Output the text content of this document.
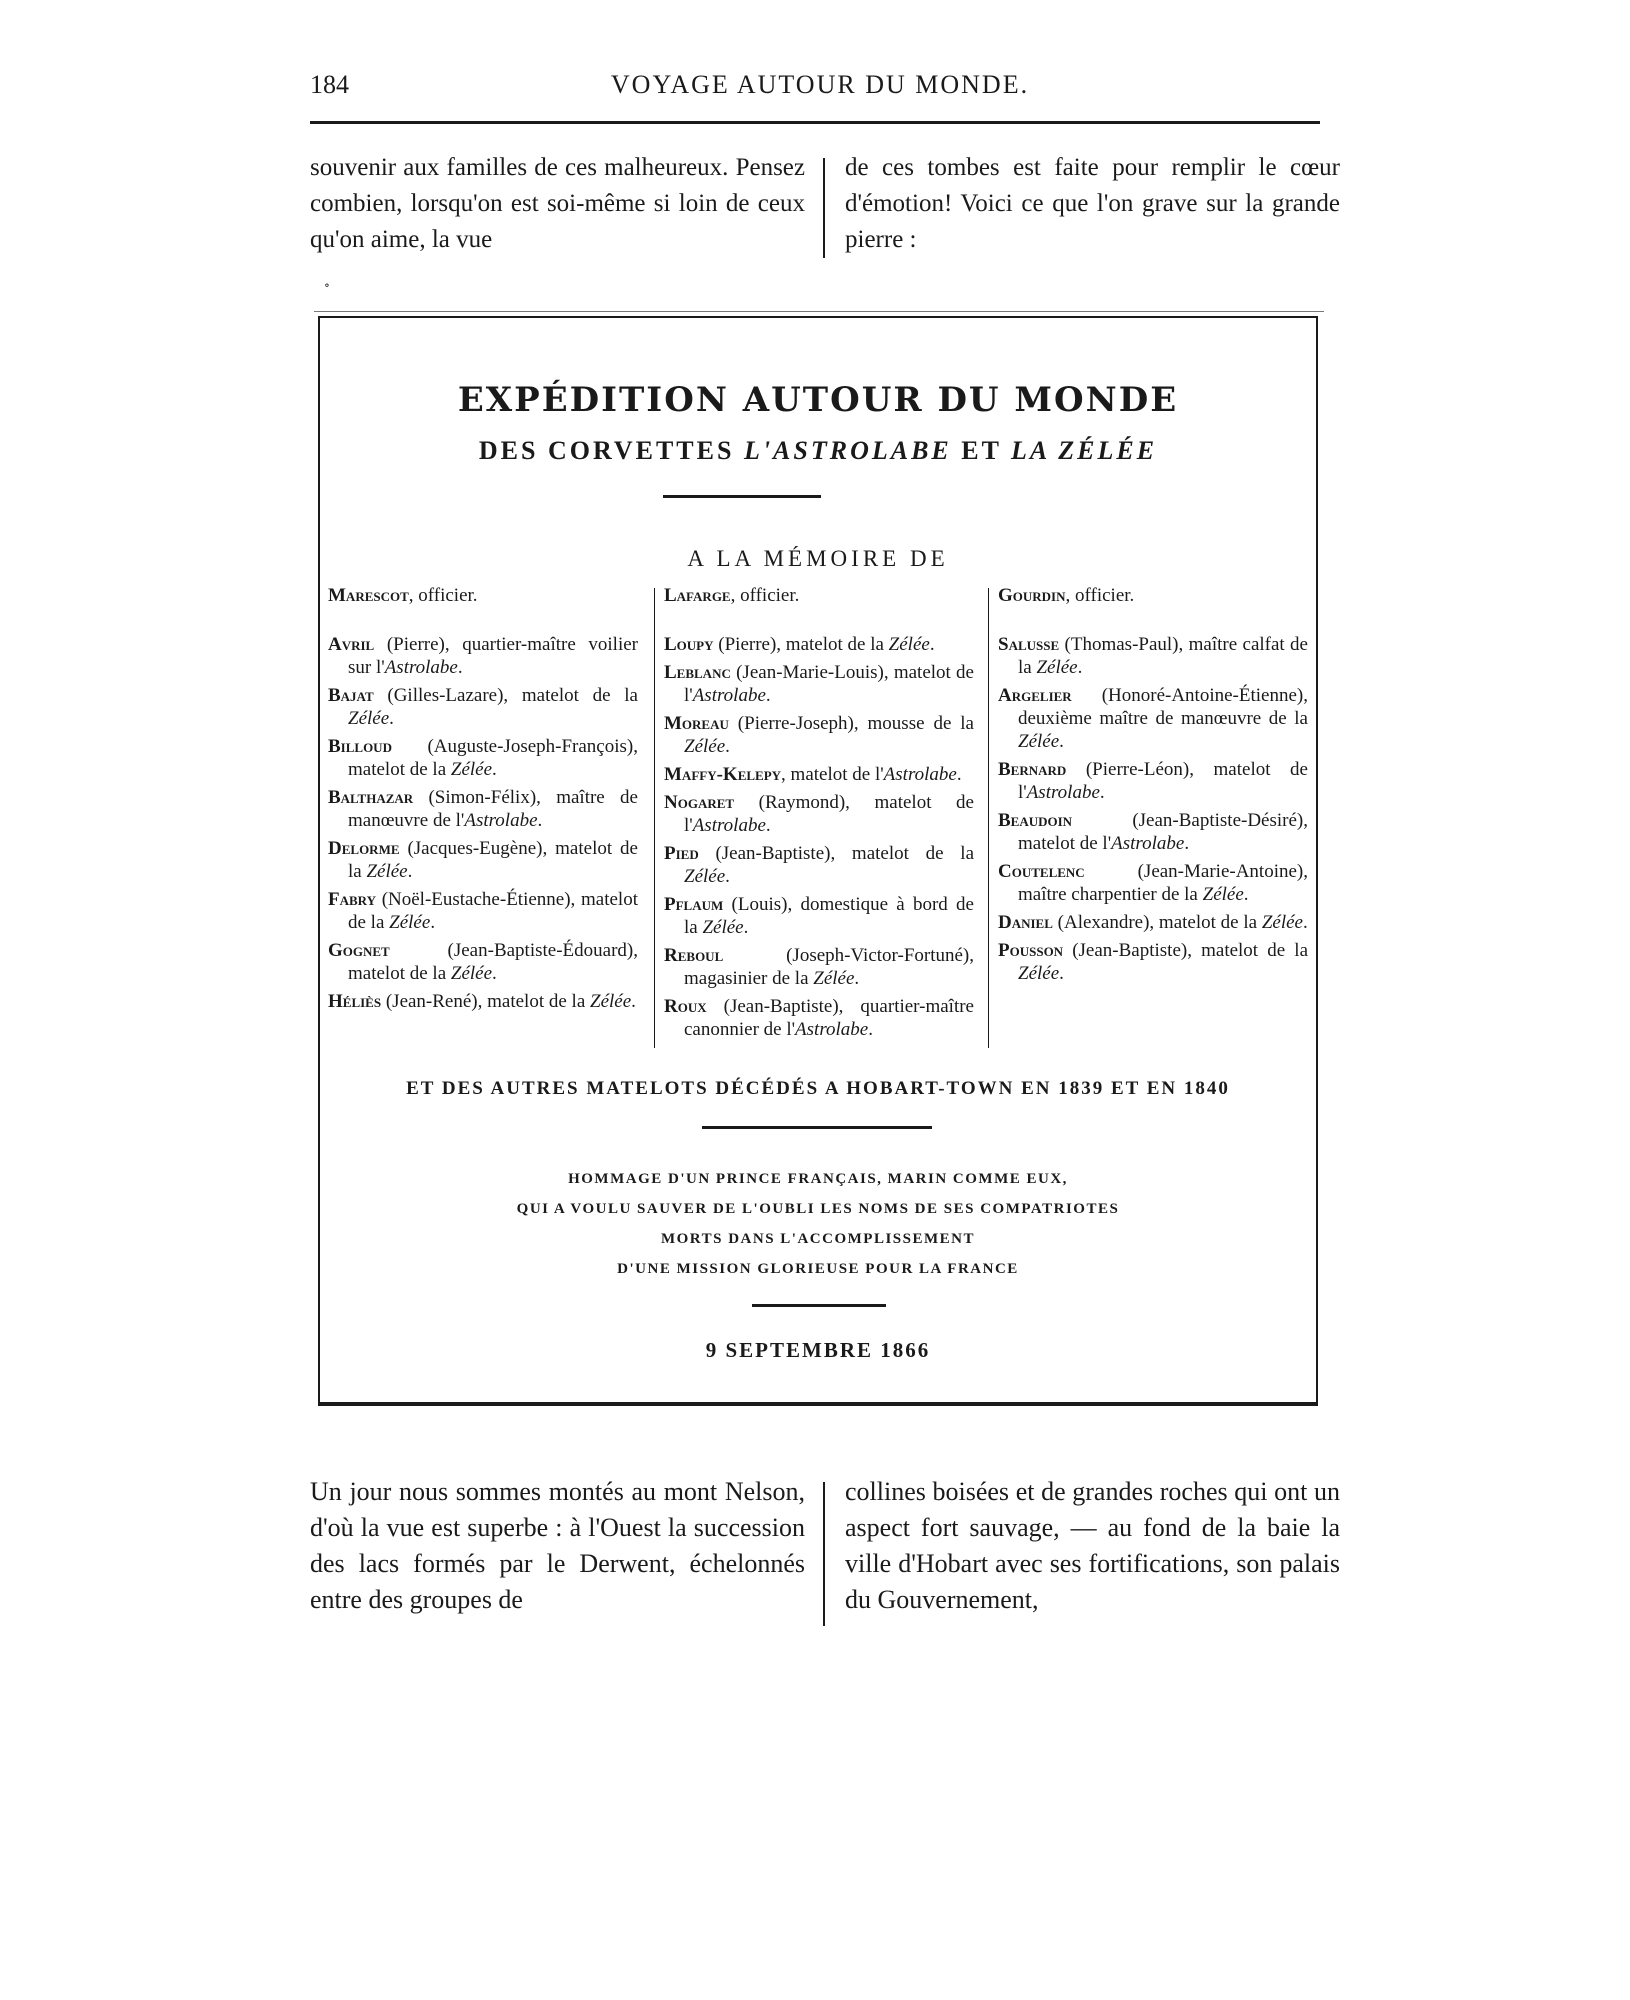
184	VOYAGE AUTOUR DU MONDE.
souvenir aux familles de ces malheureux. Pensez combien, lorsqu'on est soi-même si loin de ceux qu'on aime, la vue
de ces tombes est faite pour remplir le cœur d'émotion! Voici ce que l'on grave sur la grande pierre :
∘
EXPÉDITION AUTOUR DU MONDE
DES CORVETTES L'ASTROLABE ET LA ZÉLÉE
A LA MÉMOIRE DE
Marescot, officier.
Avril (Pierre), quartier-maître voilier sur l'Astrolabe.
Bajat (Gilles-Lazare), matelot de la Zélée.
Billoud (Auguste-Joseph-François), matelot de la Zélée.
Balthazar (Simon-Félix), maître de manœuvre de l'Astrolabe.
Delorme (Jacques-Eugène), matelot de la Zélée.
Fabry (Noël-Eustache-Étienne), matelot de la Zélée.
Gognet (Jean-Baptiste-Édouard), matelot de la Zélée.
Héliès (Jean-René), matelot de la Zélée.
Lafarge, officier.
Loupy (Pierre), matelot de la Zélée.
Leblanc (Jean-Marie-Louis), matelot de l'Astrolabe.
Moreau (Pierre-Joseph), mousse de la Zélée.
Maffy-Kelepy, matelot de l'Astrolabe.
Nogaret (Raymond), matelot de l'Astrolabe.
Pied (Jean-Baptiste), matelot de la Zélée.
Pflaum (Louis), domestique à bord de la Zélée.
Reboul (Joseph-Victor-Fortuné), magasinier de la Zélée.
Roux (Jean-Baptiste), quartier-maître canonnier de l'Astrolabe.
Gourdin, officier.
Salusse (Thomas-Paul), maître calfat de la Zélée.
Argelier (Honoré-Antoine-Étienne), deuxième maître de manœuvre de la Zélée.
Bernard (Pierre-Léon), matelot de l'Astrolabe.
Beaudoin (Jean-Baptiste-Désiré), matelot de l'Astrolabe.
Coutelenc (Jean-Marie-Antoine), maître charpentier de la Zélée.
Daniel (Alexandre), matelot de la Zélée.
Pousson (Jean-Baptiste), matelot de la Zélée.
ET DES AUTRES MATELOTS DÉCÉDÉS A HOBART-TOWN EN 1839 ET EN 1840
HOMMAGE D'UN PRINCE FRANÇAIS, MARIN COMME EUX,
QUI A VOULU SAUVER DE L'OUBLI LES NOMS DE SES COMPATRIOTES
MORTS DANS L'ACCOMPLISSEMENT
D'UNE MISSION GLORIEUSE POUR LA FRANCE
9 SEPTEMBRE 1866
Un jour nous sommes montés au mont Nelson, d'où la vue est superbe : à l'Ouest la succession des lacs formés par le Derwent, échelonnés entre des groupes de
collines boisées et de grandes roches qui ont un aspect fort sauvage, — au fond de la baie la ville d'Hobart avec ses fortifications, son palais du Gouvernement,
